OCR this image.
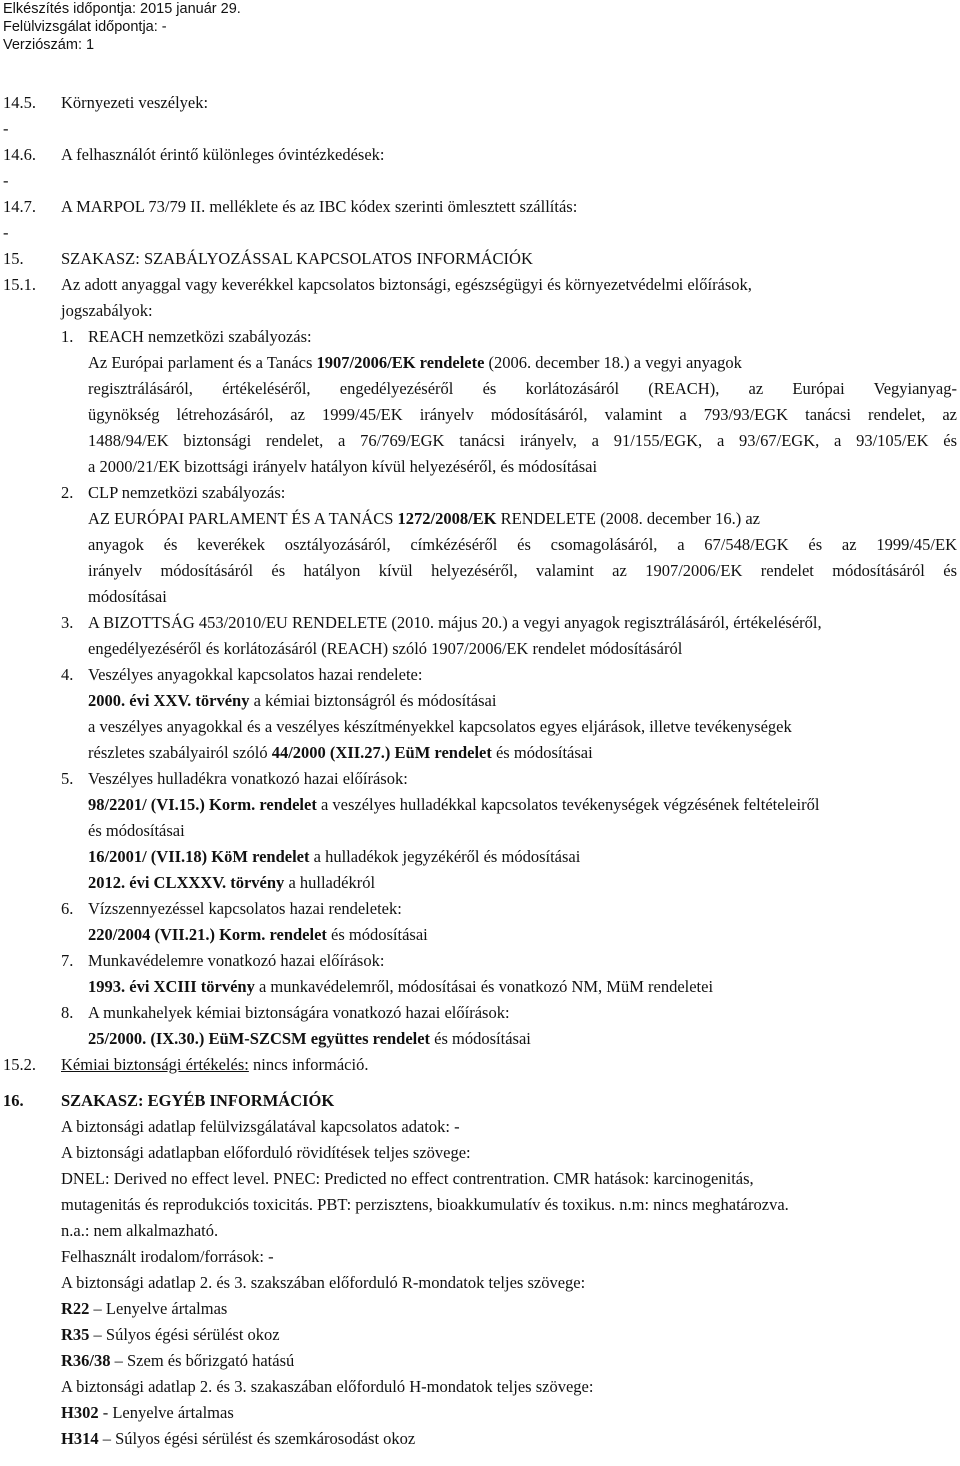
Elkészítés időpontja: 2015 január 29.
Felülvizsgálat időpontja: -
Verziószám: 1
14.5. Környezeti veszélyek:
-
14.6. A felhasználót érintő különleges óvintézkedések:
-
14.7. A MARPOL 73/79 II. melléklete és az IBC kódex szerinti ömlesztett szállítás:
-
15. SZAKASZ: SZABÁLYOZÁSSAL KAPCSOLATOS INFORMÁCIÓK
15.1. Az adott anyaggal vagy keverékkel kapcsolatos biztonsági, egészségügyi és környezetvédelmi előírások,
jogszabályok:
1. REACH nemzetközi szabályozás:
Az Európai parlament és a Tanács 1907/2006/EK rendelete (2006. december 18.) a vegyi anyagok
regisztrálásáról, értékeléséről, engedélyezéséről és korlátozásáról (REACH), az Európai Vegyianyag-
ügynökség létrehozásáról, az 1999/45/EK irányelv módosításáról, valamint a 793/93/EGK tanácsi rendelet, az
1488/94/EK biztonsági rendelet, a 76/769/EGK tanácsi irányelv, a 91/155/EGK, a 93/67/EGK, a 93/105/EK és
a 2000/21/EK bizottsági irányelv hatályon kívül helyezéséről, és módosításai
2. CLP nemzetközi szabályozás:
AZ EURÓPAI PARLAMENT ÉS A TANÁCS 1272/2008/EK RENDELETE (2008. december 16.) az
anyagok és keverékek osztályozásáról, címkézéséről és csomagolásáról, a 67/548/EGK és az 1999/45/EK
irányelv módosításáról és hatályon kívül helyezéséről, valamint az 1907/2006/EK rendelet módosításáról és
módosításai
3. A BIZOTTSÁG 453/2010/EU RENDELETE (2010. május 20.) a vegyi anyagok regisztrálásáról, értékeléséről,
engedélyezéséről és korlátozásáról (REACH) szóló 1907/2006/EK rendelet módosításáról
4. Veszélyes anyagokkal kapcsolatos hazai rendelete:
2000. évi XXV. törvény a kémiai biztonságról és módosításai
a veszélyes anyagokkal és a veszélyes készítményekkel kapcsolatos egyes eljárások, illetve tevékenységek
részletes szabályairól szóló 44/2000 (XII.27.) EüM rendelet és módosításai
5. Veszélyes hulladékra vonatkozó hazai előírások:
98/2201/ (VI.15.) Korm. rendelet a veszélyes hulladékkal kapcsolatos tevékenységek végzésének feltételeiről
és módosításai
16/2001/ (VII.18) KöM rendelet a hulladékok jegyzékéről és módosításai
2012. évi CLXXXV. törvény a hulladékról
6. Vízszennyezéssel kapcsolatos hazai rendeletek:
220/2004 (VII.21.) Korm. rendelet és módosításai
7. Munkavédelemre vonatkozó hazai előírások:
1993. évi XCIII törvény a munkavédelemről, módosításai és vonatkozó NM, MüM rendeletei
8. A munkahelyek kémiai biztonságára vonatkozó hazai előírások:
25/2000. (IX.30.) EüM-SZCSM együttes rendelet és módosításai
15.2. Kémiai biztonsági értékelés: nincs információ.
16. SZAKASZ: EGYÉB INFORMÁCIÓK
A biztonsági adatlap felülvizsgálatával kapcsolatos adatok: -
A biztonsági adatlapban előforduló rövidítések teljes szövege:
DNEL: Derived no effect level. PNEC: Predicted no effect contrentration. CMR hatások: karcinogenitás,
mutagenitás és reprodukciós toxicitás. PBT: perzisztens, bioakkumulatív és toxikus. n.m: nincs meghatározva.
n.a.: nem alkalmazható.
Felhasznált irodalom/források: -
A biztonsági adatlap 2. és 3. szakszában előforduló R-mondatok teljes szövege:
R22 – Lenyelve ártalmas
R35 – Súlyos égési sérülést okoz
R36/38 – Szem és bőrizgató hatású
A biztonsági adatlap 2. és 3. szakaszában előforduló H-mondatok teljes szövege:
H302 - Lenyelve ártalmas
H314 – Súlyos égési sérülést és szemkárosodást okoz
